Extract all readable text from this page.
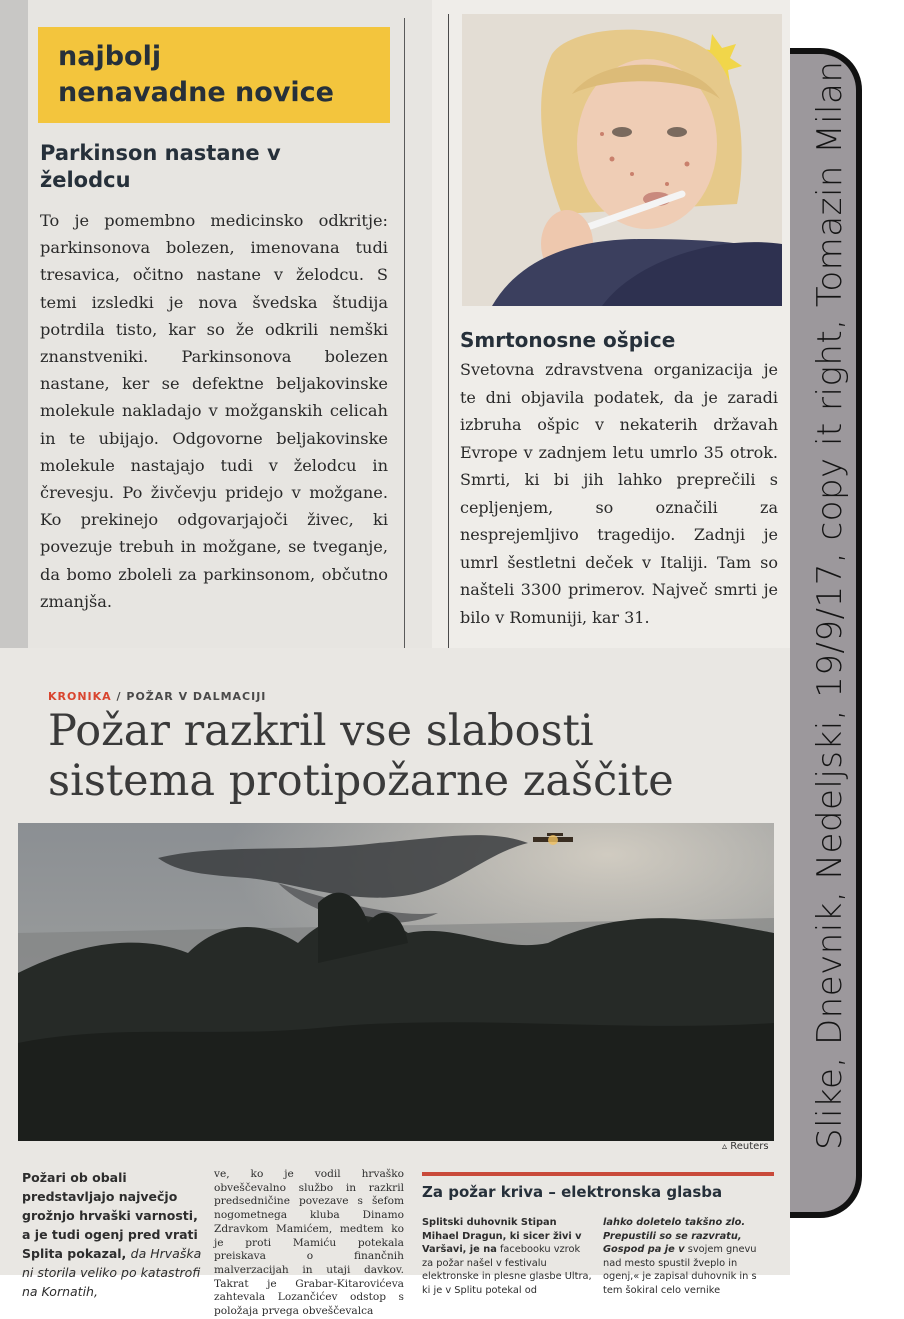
Slike, Dnevnik, Nedeljski, 19/9/17, copy it right, Tomazin Milan
najbolj
nenavadne novice
Parkinson nastane v
želodcu
To je pomembno medicinsko odkritje: parkinsonova bolezen, imenovana tudi tresavica, očitno nastane v želodcu. S temi izsledki je nova švedska študija potrdila tisto, kar so že odkrili nemški znanstveniki. Parkinsonova bolezen nastane, ker se defektne beljakovinske molekule nakladajo v možganskih celicah in te ubijajo. Odgovorne beljakovinske molekule nastajajo tudi v želodcu in črevesju. Po živčevju pridejo v možgane. Ko prekinejo odgovarjajoči živec, ki povezuje trebuh in možgane, se tveganje, da bomo zboleli za parkinsonom, občutno zmanjša.
Smrtonosne ošpice
Svetovna zdravstvena organizacija je te dni objavila podatek, da je zaradi izbruha ošpic v nekaterih državah Evrope v zadnjem letu umrlo 35 otrok. Smrti, ki bi jih lahko preprečili s cepljenjem, so označili za nesprejemljivo tragedijo. Zadnji je umrl šestletni deček v Italiji. Tam so našteli 3300 primerov. Največ smrti je bilo v Romuniji, kar 31.
KRONIKA / POŽAR V DALMACIJI
Požar razkril vse slabosti
sistema protipožarne zaščite
▵ Reuters
Požari ob obali predstavljajo največjo grožnjo hrvaški varnosti, a je tudi ogenj pred vrati Splita pokazal, da Hrvaška ni storila veliko po katastrofi na Kornatih,
ve, ko je vodil hrvaško obveščevalno službo in razkril predsedničine povezave s šefom nogometnega kluba Dinamo Zdravkom Mamićem, medtem ko je proti Mamiću potekala preiskava o finančnih malverzacijah in utaji davkov. Takrat je Grabar-Kitarovićeva zahtevala Lozančićev odstop s položaja prvega obveščevalca
Za požar kriva – elektronska glasba
Splitski duhovnik Stipan Mihael Dragun, ki sicer živi v Varšavi, je na facebooku vzrok za požar našel v festivalu elektronske in plesne glasbe Ultra, ki je v Splitu potekal od
lahko doletelo takšno zlo. Prepustili so se razvratu, Gospod pa je v svojem gnevu nad mesto spustil žveplo in ogenj,« je zapisal duhovnik in s tem šokiral celo vernike
